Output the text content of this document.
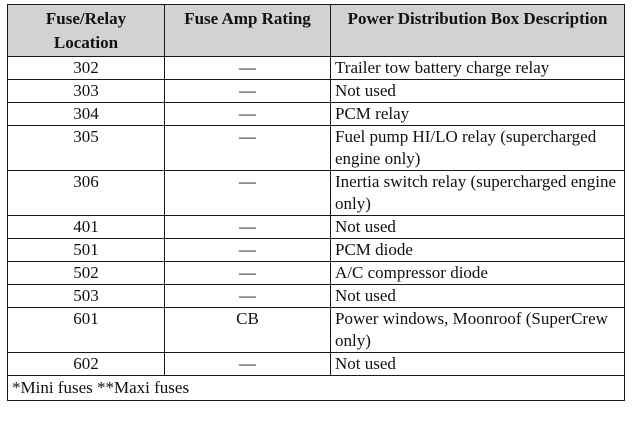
Fuse/Relay Location	Fuse Amp Rating	Power Distribution Box Description
302	—	Trailer tow battery charge relay
303	—	Not used
304	—	PCM relay
305	—	Fuel pump HI/LO relay (supercharged engine only)
306	—	Inertia switch relay (supercharged engine only)
401	—	Not used
501	—	PCM diode
502	—	A/C compressor diode
503	—	Not used
601	CB	Power windows, Moonroof (SuperCrew only)
602	—	Not used
*Mini fuses **Maxi fuses		
